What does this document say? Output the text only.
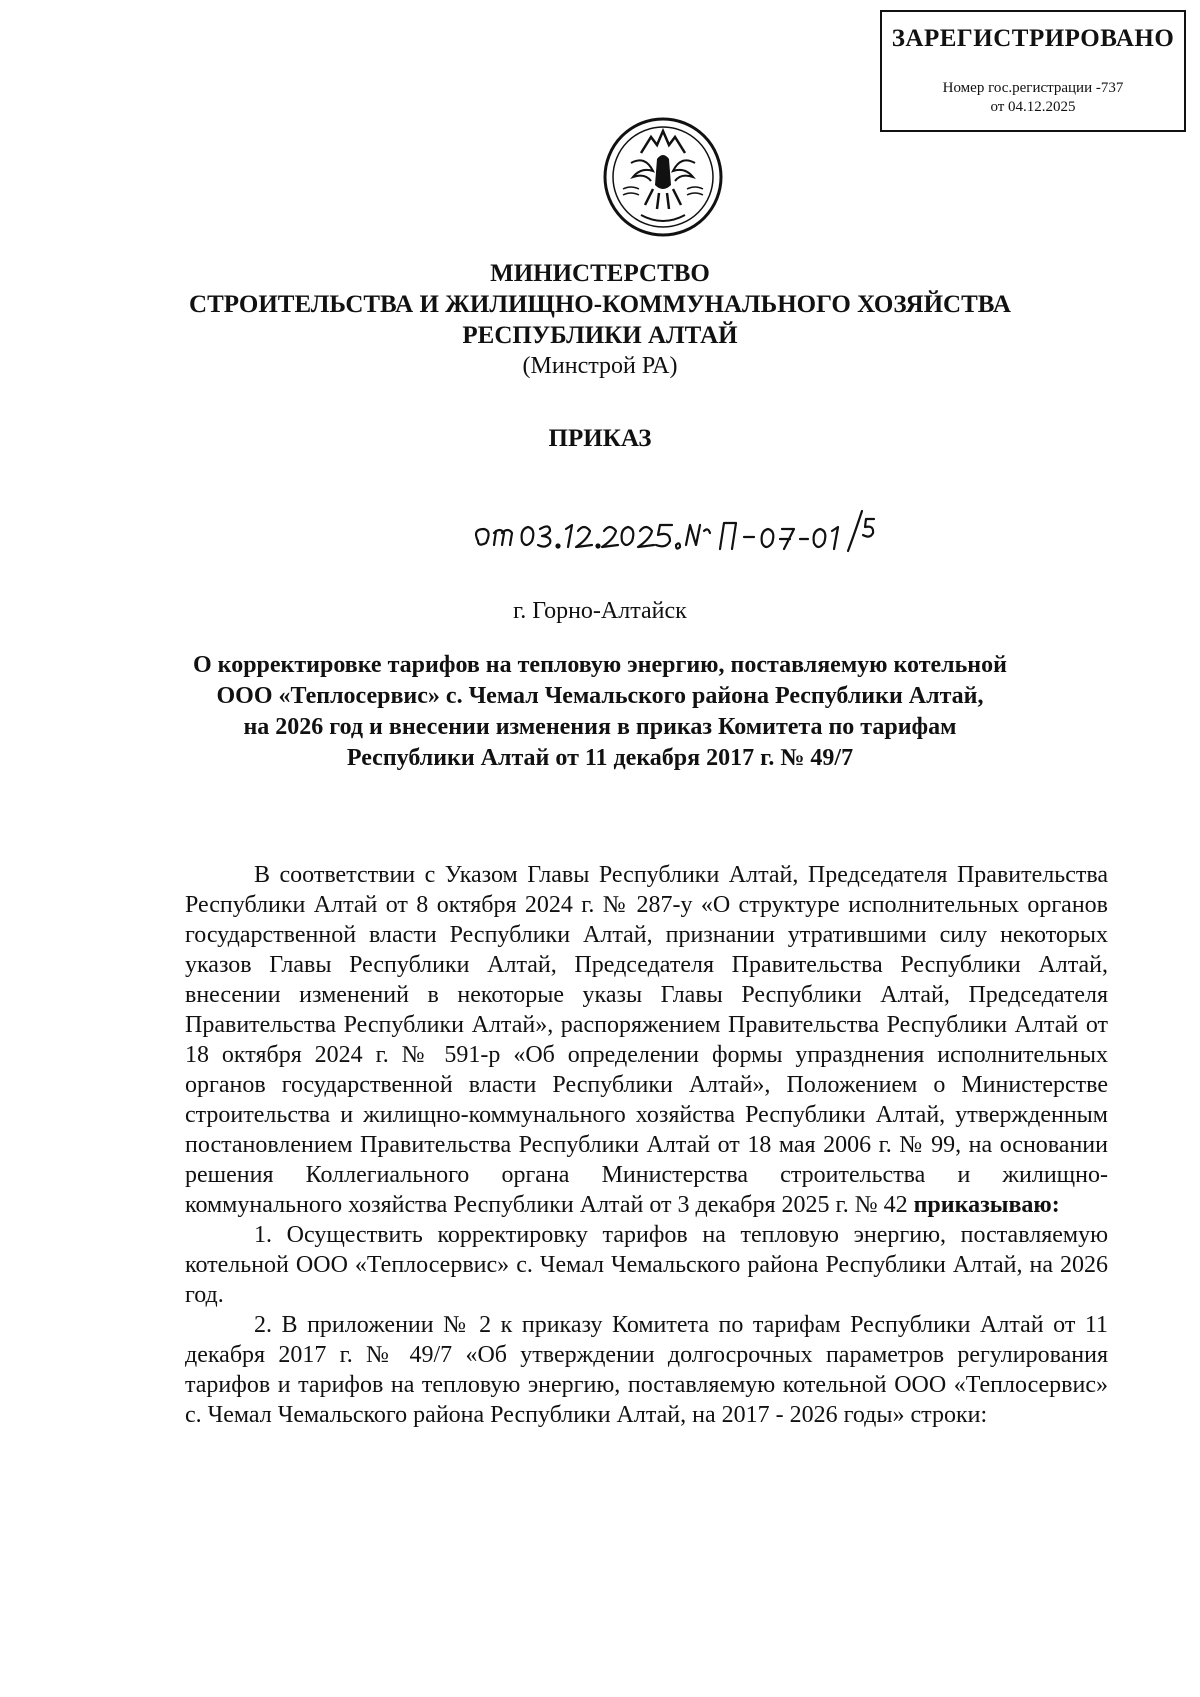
ЗАРЕГИСТРИРОВАНО
Номер гос.регистрации -737
от 04.12.2025
МИНИСТЕРСТВО
СТРОИТЕЛЬСТВА И ЖИЛИЩНО-КОММУНАЛЬНОГО ХОЗЯЙСТВА
РЕСПУБЛИКИ АЛТАЙ
(Минстрой РА)
ПРИКАЗ
г. Горно-Алтайск
О корректировке тарифов на тепловую энергию, поставляемую котельной
ООО «Теплосервис» с. Чемал Чемальского района Республики Алтай,
на 2026 год и внесении изменения в приказ Комитета по тарифам
Республики Алтай от 11 декабря 2017 г. № 49/7

В соответствии с Указом Главы Республики Алтай, Председателя Правительства Республики Алтай от 8 октября 2024 г. № 287-у «О структуре исполнительных органов государственной власти Республики Алтай, признании утратившими силу некоторых указов Главы Республики Алтай, Председателя Правительства Республики Алтай, внесении изменений в некоторые указы Главы Республики Алтай, Председателя Правительства Республики Алтай», распоряжением Правительства Республики Алтай от 18 октября 2024 г. № 591-р «Об определении формы упразднения исполнительных органов государственной власти Республики Алтай», Положением о Министерстве строительства и жилищно-коммунального хозяйства Республики Алтай, утвержденным постановлением Правительства Республики Алтай от 18 мая 2006 г. № 99, на основании решения Коллегиального органа Министерства строительства и жилищно-коммунального хозяйства Республики Алтай от 3 декабря 2025 г. № 42 приказываю:

1. Осуществить корректировку тарифов на тепловую энергию, поставляемую котельной ООО «Теплосервис» с. Чемал Чемальского района Республики Алтай, на 2026 год.

2. В приложении № 2 к приказу Комитета по тарифам Республики Алтай от 11 декабря 2017 г. № 49/7 «Об утверждении долгосрочных параметров регулирования тарифов и тарифов на тепловую энергию, поставляемую котельной ООО «Теплосервис» с. Чемал Чемальского района Республики Алтай, на 2017 - 2026 годы» строки:
